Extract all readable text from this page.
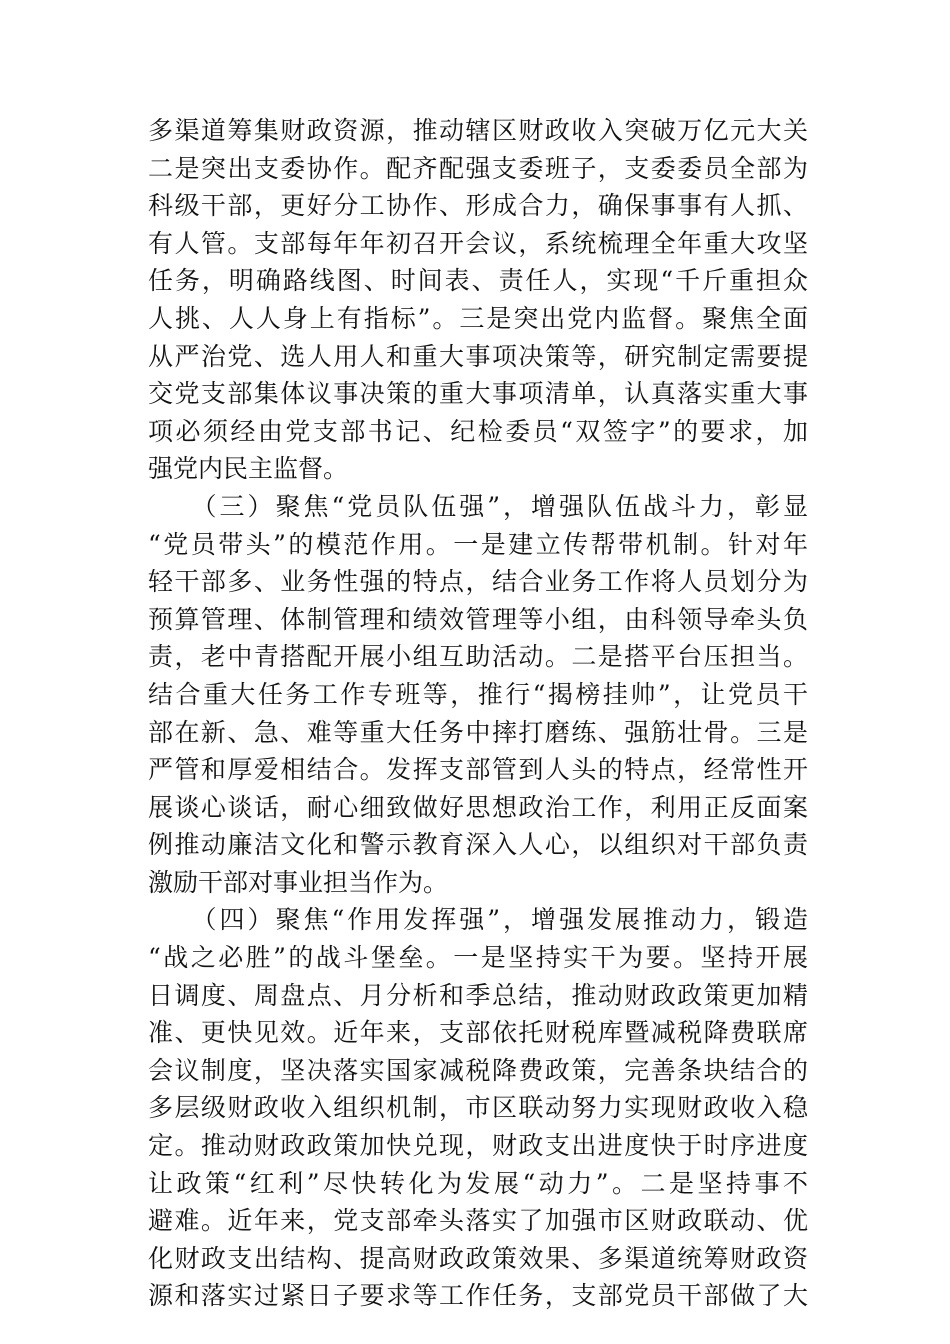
多渠道筹集财政资源，推动辖区财政收入突破万亿元大关
二是突出支委协作。配齐配强支委班子，支委委员全部为
科级干部，更好分工协作、形成合力，确保事事有人抓、
有人管。支部每年年初召开会议，系统梳理全年重大攻坚
任务，明确路线图、时间表、责任人，实现“千斤重担众
人挑、人人身上有指标”。三是突出党内监督。聚焦全面
从严治党、选人用人和重大事项决策等，研究制定需要提
交党支部集体议事决策的重大事项清单，认真落实重大事
项必须经由党支部书记、纪检委员“双签字”的要求，加
强党内民主监督。
　　（三）聚焦“党员队伍强”，增强队伍战斗力，彰显
“党员带头”的模范作用。一是建立传帮带机制。针对年
轻干部多、业务性强的特点，结合业务工作将人员划分为
预算管理、体制管理和绩效管理等小组，由科领导牵头负
责，老中青搭配开展小组互助活动。二是搭平台压担当。
结合重大任务工作专班等，推行“揭榜挂帅”，让党员干
部在新、急、难等重大任务中摔打磨练、强筋壮骨。三是
严管和厚爱相结合。发挥支部管到人头的特点，经常性开
展谈心谈话，耐心细致做好思想政治工作，利用正反面案
例推动廉洁文化和警示教育深入人心，以组织对干部负责
激励干部对事业担当作为。
　　（四）聚焦“作用发挥强”，增强发展推动力，锻造
“战之必胜”的战斗堡垒。一是坚持实干为要。坚持开展
日调度、周盘点、月分析和季总结，推动财政政策更加精
准、更快见效。近年来，支部依托财税库暨减税降费联席
会议制度，坚决落实国家减税降费政策，完善条块结合的
多层级财政收入组织机制，市区联动努力实现财政收入稳
定。推动财政政策加快兑现，财政支出进度快于时序进度
让政策“红利”尽快转化为发展“动力”。二是坚持事不
避难。近年来，党支部牵头落实了加强市区财政联动、优
化财政支出结构、提高财政政策效果、多渠道统筹财政资
源和落实过紧日子要求等工作任务，支部党员干部做了大
